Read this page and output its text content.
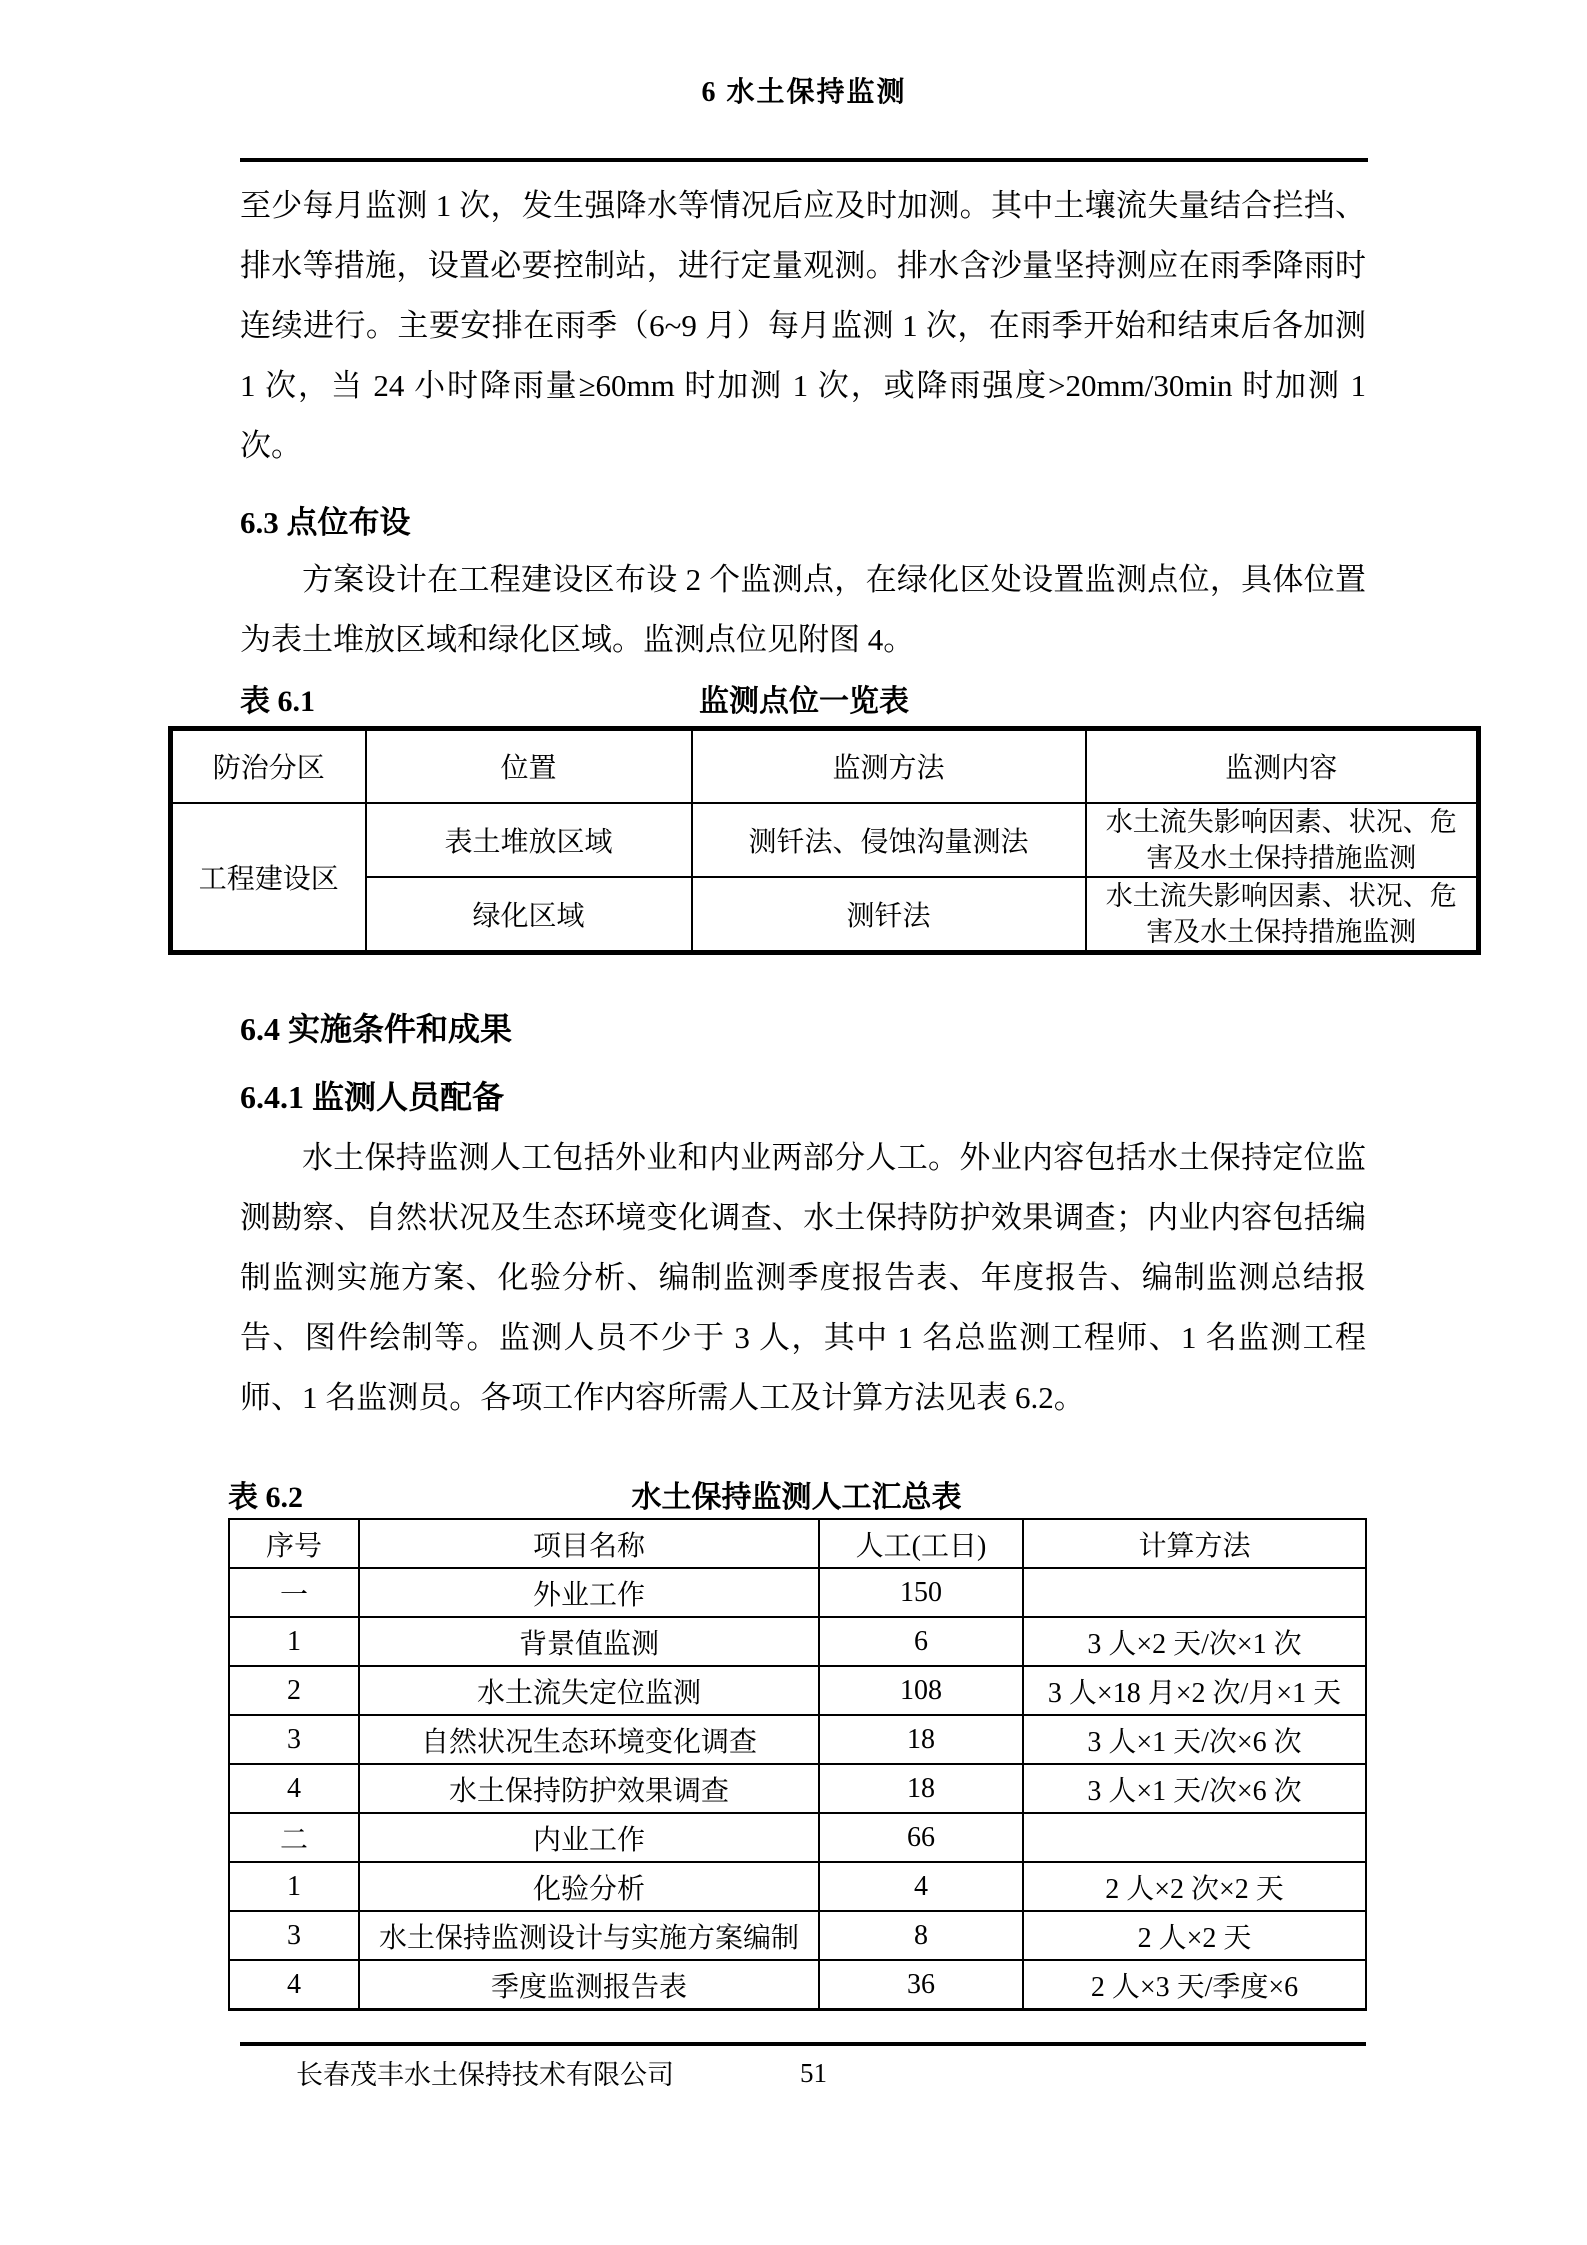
6 水土保持监测

至少每月监测 1 次，发生强降水等情况后应及时加测。其中土壤流失量结合拦挡、排水等措施，设置必要控制站，进行定量观测。排水含沙量坚持测应在雨季降雨时连续进行。主要安排在雨季（6~9 月）每月监测 1 次，在雨季开始和结束后各加测 1 次，当 24 小时降雨量≥60mm 时加测 1 次，或降雨强度>20mm/30min 时加测 1 次。

6.3 点位布设

方案设计在工程建设区布设 2 个监测点，在绿化区处设置监测点位，具体位置为表土堆放区域和绿化区域。监测点位见附图 4。

表 6.1	监测点位一览表
防治分区	位置	监测方法	监测内容
工程建设区	表土堆放区域	测钎法、侵蚀沟量测法	水土流失影响因素、状况、危害及水土保持措施监测
	绿化区域	测钎法	水土流失影响因素、状况、危害及水土保持措施监测
6.4 实施条件和成果
6.4.1 监测人员配备

水土保持监测人工包括外业和内业两部分人工。外业内容包括水土保持定位监测勘察、自然状况及生态环境变化调查、水土保持防护效果调查；内业内容包括编制监测实施方案、化验分析、编制监测季度报告表、年度报告、编制监测总结报告、图件绘制等。监测人员不少于 3 人，其中 1 名总监测工程师、1 名监测工程师、1 名监测员。各项工作内容所需人工及计算方法见表 6.2。

表 6.2	水土保持监测人工汇总表
序号	项目名称	人工(工日)	计算方法
一	外业工作	150	
1	背景值监测	6	3 人×2 天/次×1 次
2	水土流失定位监测	108	3 人×18 月×2 次/月×1 天
3	自然状况生态环境变化调查	18	3 人×1 天/次×6 次
4	水土保持防护效果调查	18	3 人×1 天/次×6 次
二	内业工作	66	
1	化验分析	4	2 人×2 次×2 天
3	水土保持监测设计与实施方案编制	8	2 人×2 天
4	季度监测报告表	36	2 人×3 天/季度×6
长春茂丰水土保持技术有限公司	51
